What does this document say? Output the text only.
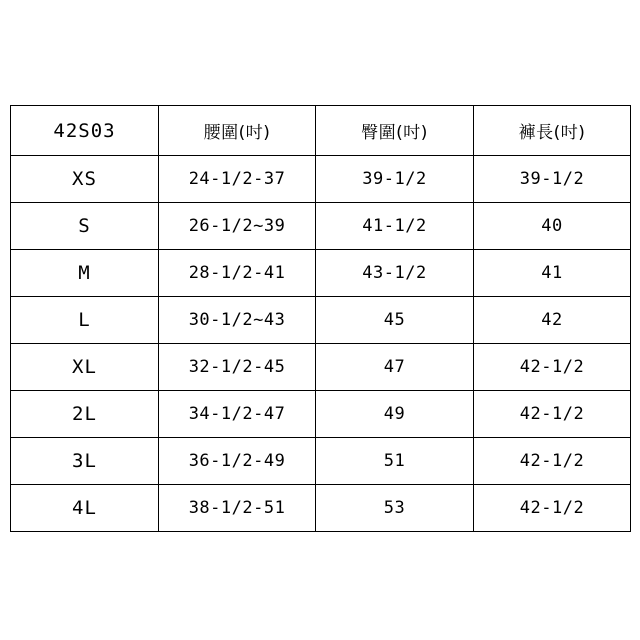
42S03	腰圍(吋)	臀圍(吋)	褲長(吋)
XS	24-1/2-37	39-1/2	39-1/2
S	26-1/2~39	41-1/2	40
M	28-1/2-41	43-1/2	41
L	30-1/2~43	45	42
XL	32-1/2-45	47	42-1/2
2L	34-1/2-47	49	42-1/2
3L	36-1/2-49	51	42-1/2
4L	38-1/2-51	53	42-1/2
